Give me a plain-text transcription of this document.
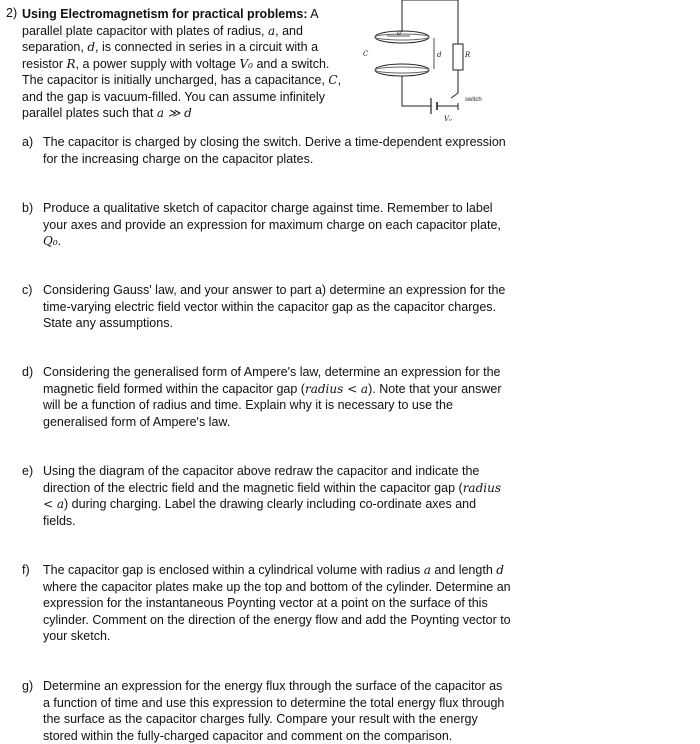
2) Using Electromagnetism for practical problems: A parallel plate capacitor with plates of radius, a, and separation, d, is connected in series in a circuit with a resistor R, a power supply with voltage V₀ and a switch. The capacitor is initially uncharged, has a capacitance, C, and the gap is vacuum-filled. You can assume infinitely parallel plates such that a ≫ d
a
C	d	R
V₀
switch
a) The capacitor is charged by closing the switch. Derive a time-dependent expression for the increasing charge on the capacitor plates.
b) Produce a qualitative sketch of capacitor charge against time. Remember to label your axes and provide an expression for maximum charge on each capacitor plate, Q₀.
c) Considering Gauss' law, and your answer to part a) determine an expression for the time-varying electric field vector within the capacitor gap as the capacitor charges. State any assumptions.
d) Considering the generalised form of Ampere's law, determine an expression for the magnetic field formed within the capacitor gap (radius < a). Note that your answer will be a function of radius and time. Explain why it is necessary to use the generalised form of Ampere's law.
e) Using the diagram of the capacitor above redraw the capacitor and indicate the direction of the electric field and the magnetic field within the capacitor gap (radius < a) during charging. Label the drawing clearly including co-ordinate axes and fields.
f) The capacitor gap is enclosed within a cylindrical volume with radius a and length d where the capacitor plates make up the top and bottom of the cylinder. Determine an expression for the instantaneous Poynting vector at a point on the surface of this cylinder. Comment on the direction of the energy flow and add the Poynting vector to your sketch.
g) Determine an expression for the energy flux through the surface of the capacitor as a function of time and use this expression to determine the total energy flux through the surface as the capacitor charges fully. Compare your result with the energy stored within the fully-charged capacitor and comment on the comparison.
